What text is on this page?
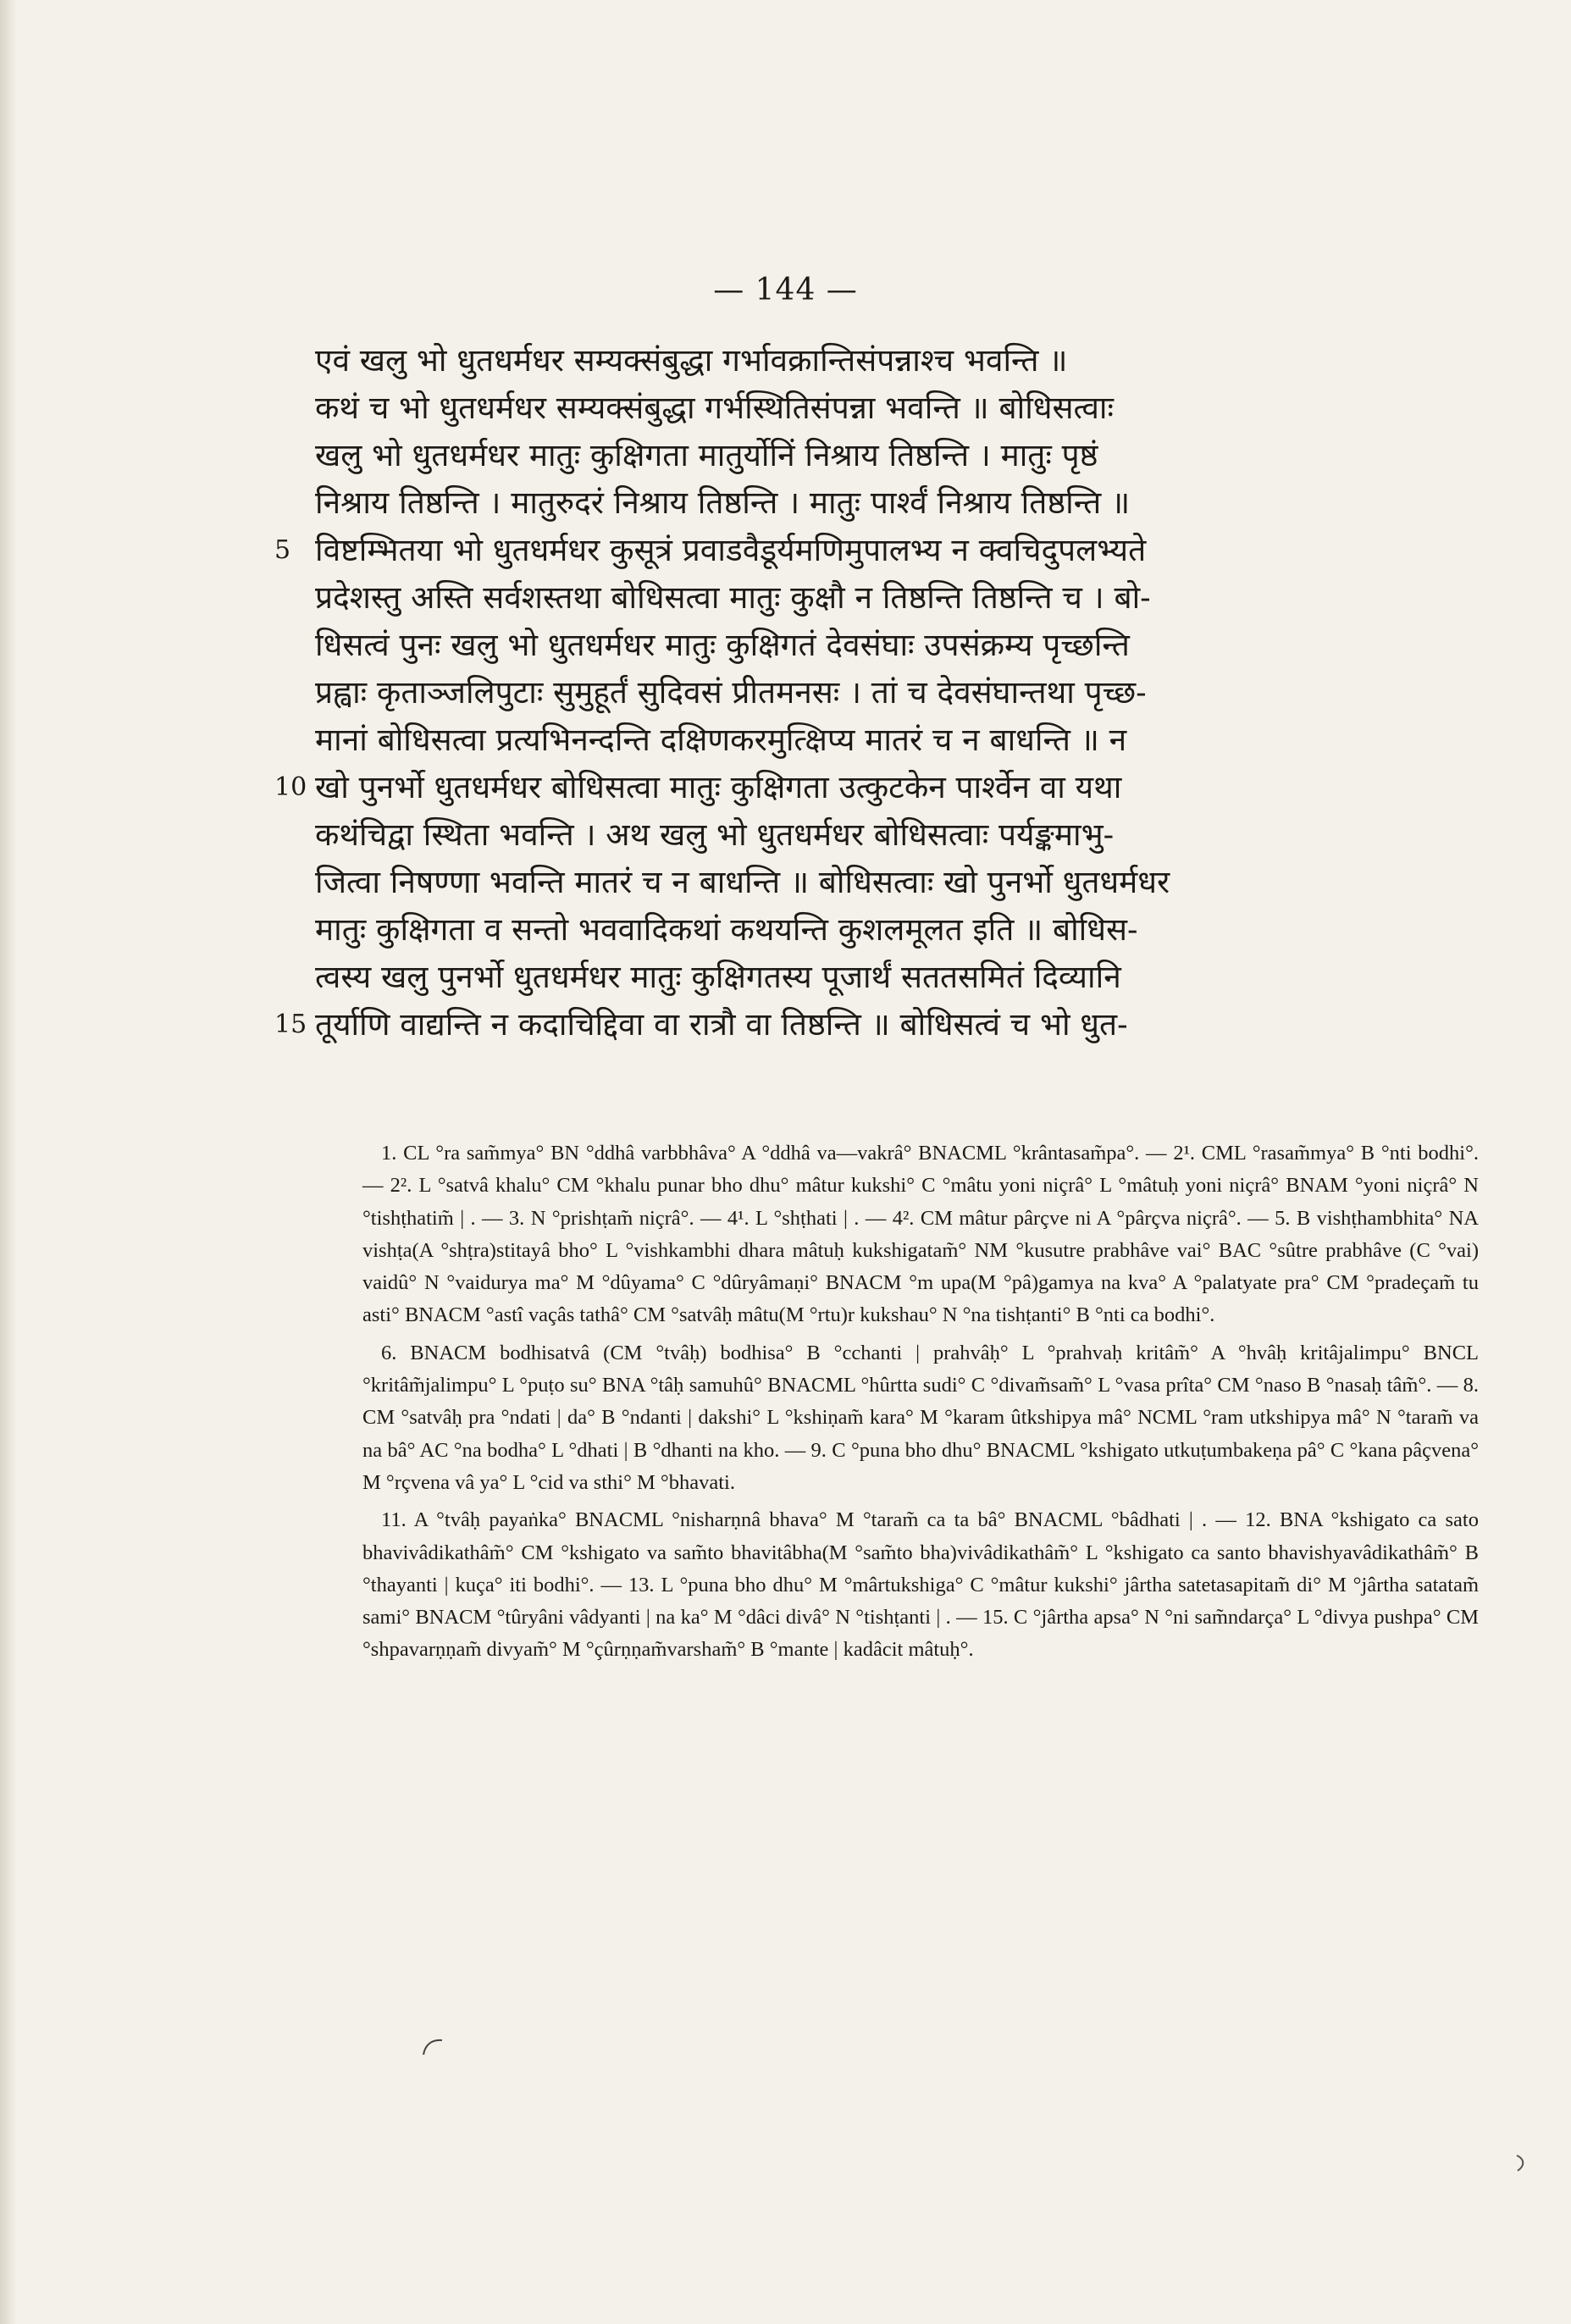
— 144 —
एवं खलु भो धुतधर्मधर सम्यक्संबुद्धा गर्भावक्रान्तिसंपन्नाश्च भवन्ति ॥
कथं च भो धुतधर्मधर सम्यक्संबुद्धा गर्भस्थितिसंपन्ना भवन्ति ॥ बोधिसत्वाः
खलु भो धुतधर्मधर मातुः कुक्षिगता मातुर्योनिं निश्राय तिष्ठन्ति । मातुः पृष्ठं
निश्राय तिष्ठन्ति । मातुरुदरं निश्राय तिष्ठन्ति । मातुः पार्श्वं निश्राय तिष्ठन्ति ॥
5 विष्टम्भितया भो धुतधर्मधर कुसूत्रं प्रवाडवैडूर्यमणिमुपालभ्य न क्वचिदुपलभ्यते
प्रदेशस्तु अस्ति सर्वशस्तथा बोधिसत्वा मातुः कुक्षौ न तिष्ठन्ति तिष्ठन्ति च । बो-
धिसत्वं पुनः खलु भो धुतधर्मधर मातुः कुक्षिगतं देवसंघाः उपसंक्रम्य पृच्छन्ति
प्रह्वाः कृताञ्जलिपुटाः सुमुहूर्तं सुदिवसं प्रीतमनसः । तां च देवसंघान्तथा पृच्छ-
मानां बोधिसत्वा प्रत्यभिनन्दन्ति दक्षिणकरमुत्क्षिप्य मातरं च न बाधन्ति ॥ न
10 खो पुनर्भो धुतधर्मधर बोधिसत्वा मातुः कुक्षिगता उत्कुटकेन पार्श्वेन वा यथा
कथंचिद्वा स्थिता भवन्ति । अथ खलु भो धुतधर्मधर बोधिसत्वाः पर्यङ्कमाभु-
जित्वा निषण्णा भवन्ति मातरं च न बाधन्ति ॥ बोधिसत्वाः खो पुनर्भो धुतधर्मधर
मातुः कुक्षिगता व सन्तो भववादिकथां कथयन्ति कुशलमूलत इति ॥ बोधिस-
त्वस्य खलु पुनर्भो धुतधर्मधर मातुः कुक्षिगतस्य पूजार्थं सततसमितं दिव्यानि
15 तूर्याणि वाद्यन्ति न कदाचिद्दिवा वा रात्रौ वा तिष्ठन्ति ॥ बोधिसत्वं च भो धुत-

1. CL °ra sam̃mya° BN °ddhâ varbbhâva° A °ddhâ va—vakrâ° BNACML °krântasam̃pa°. — 2¹. CML °rasam̃mya° B °nti bodhi°. — 2². L °satvâ khalu° CM °khalu punar bho dhu° mâtur kukshi° C °mâtu yoni niçrâ° L °mâtuḥ yoni niçrâ° BNAM °yoni niçrâ° N °tishṭhatim̃ | . — 3. N °prishṭam̃ niçrâ°. — 4¹. L °shṭhati | . — 4². CM mâtur pârçve ni A °pârçva niçrâ°. — 5. B vishṭhambhita° NA vishṭa(A °shṭra)stitayâ bho° L °vishkambhi dhara mâtuḥ kukshigatam̃° NM °kusutre prabhâve vai° BAC °sûtre prabhâve (C °vai) vaidû° N °vaidurya ma° M °dûyama° C °dûryâmaṇi° BNACM °m upa(M °pâ)gamya na kva° A °palatyate pra° CM °pradeçam̃ tu asti° BNACM °astî vaçâs tathâ° CM °satvâḥ mâtu(M °rtu)r kukshau° N °na tishṭanti° B °nti ca bodhi°.

6. BNACM bodhisatvâ (CM °tvâḥ) bodhisa° B °cchanti | prahvâḥ° L °prahvaḥ kritâm̃° A °hvâḥ kritâjalimpu° BNCL °kritâm̃jalimpu° L °puṭo su° BNA °tâḥ samuhû° BNACML °hûrtta sudi° C °divam̃sam̃° L °vasa prîta° CM °naso B °nasaḥ tâm̃°. — 8. CM °satvâḥ pra °ndati | da° B °ndanti | dakshi° L °kshiṇam̃ kara° M °karam ûtkshipya mâ° NCML °ram utkshipya mâ° N °taram̃ va na bâ° AC °na bodha° L °dhati | B °dhanti na kho. — 9. C °puna bho dhu° BNACML °kshigato utkuṭumbakeṇa pâ° C °kana pâçvena° M °rçvena vâ ya° L °cid va sthi° M °bhavati.

11. A °tvâḥ payaṅka° BNACML °nisharṇnâ bhava° M °taram̃ ca ta bâ° BNACML °bâdhati | . — 12. BNA °kshigato ca sato bhavivâdikathâm̃° CM °kshigato va sam̃to bhavitâbha(M °sam̃to bha)vivâdikathâm̃° L °kshigato ca santo bhavishyavâdikathâm̃° B °thayanti | kuça° iti bodhi°. — 13. L °puna bho dhu° M °mârtukshiga° C °mâtur kukshi° jârtha satetasapitam̃ di° M °jârtha satatam̃ sami° BNACM °tûryâni vâdyanti | na ka° M °dâci divâ° N °tishṭanti | . — 15. C °jârtha apsa° N °ni sam̃ndarça° L °divya pushpa° CM °shpavarṇṇam̃ divyam̃° M °çûrṇṇam̃varsham̃° B °mante | kadâcit mâtuḥ°.
